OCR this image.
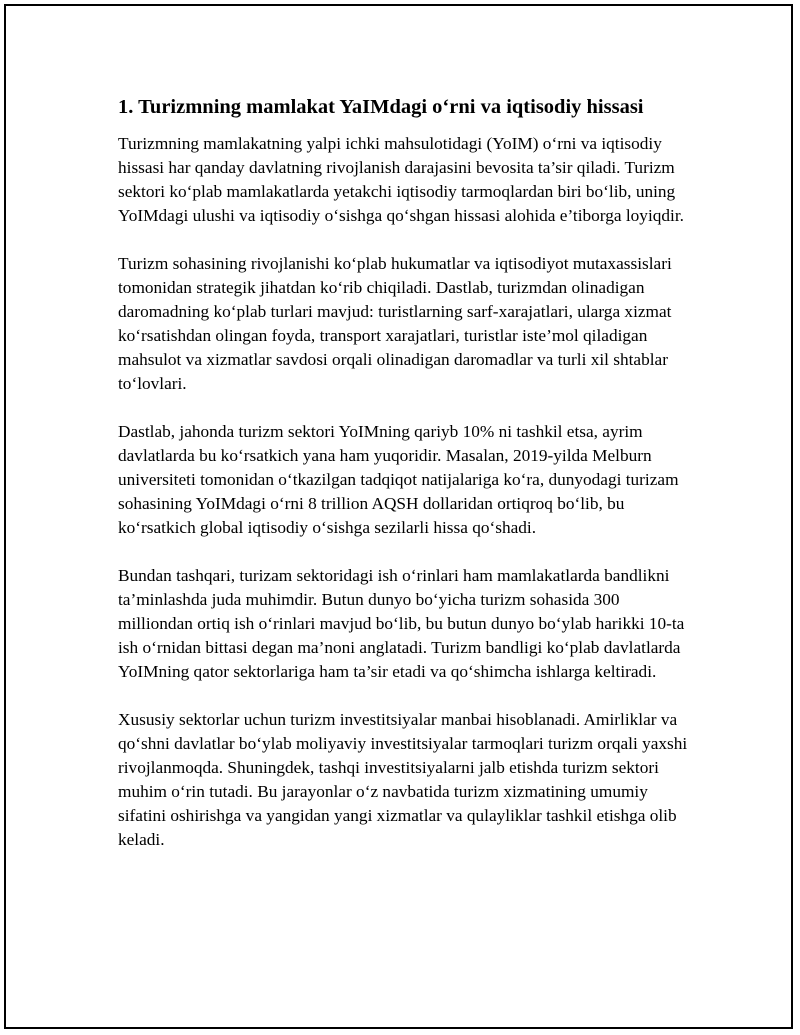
1. Turizmning mamlakat YaIMdagi o‘rni va iqtisodiy hissasi

Turizmning mamlakatning yalpi ichki mahsulotidagi (YoIM) o‘rni va iqtisodiy hissasi har qanday davlatning rivojlanish darajasini bevosita ta’sir qiladi. Turizm sektori ko‘plab mamlakatlarda yetakchi iqtisodiy tarmoqlardan biri bo‘lib, uning YoIMdagi ulushi va iqtisodiy o‘sishga qo‘shgan hissasi alohida e’tiborga loyiqdir.

Turizm sohasining rivojlanishi ko‘plab hukumatlar va iqtisodiyot mutaxassislari tomonidan strategik jihatdan ko‘rib chiqiladi. Dastlab, turizmdan olinadigan daromadning ko‘plab turlari mavjud: turistlarning sarf-xarajatlari, ularga xizmat ko‘rsatishdan olingan foyda, transport xarajatlari, turistlar iste’mol qiladigan mahsulot va xizmatlar savdosi orqali olinadigan daromadlar va turli xil shtablar to‘lovlari.

Dastlab, jahonda turizm sektori YoIMning qariyb 10% ni tashkil etsa, ayrim davlatlarda bu ko‘rsatkich yana ham yuqoridir. Masalan, 2019-yilda Melburn universiteti tomonidan o‘tkazilgan tadqiqot natijalariga ko‘ra, dunyodagi turizam sohasining YoIMdagi o‘rni 8 trillion AQSH dollaridan ortiqroq bo‘lib, bu ko‘rsatkich global iqtisodiy o‘sishga sezilarli hissa qo‘shadi.

Bundan tashqari, turizam sektoridagi ish o‘rinlari ham mamlakatlarda bandlikni ta’minlashda juda muhimdir. Butun dunyo bo‘yicha turizm sohasida 300 milliondan ortiq ish o‘rinlari mavjud bo‘lib, bu butun dunyo bo‘ylab harikki 10-ta ish o‘rnidan bittasi degan ma’noni anglatadi. Turizm bandligi ko‘plab davlatlarda YoIMning qator sektorlariga ham ta’sir etadi va qo‘shimcha ishlarga keltiradi.

Xususiy sektorlar uchun turizm investitsiyalar manbai hisoblanadi. Amirliklar va qo‘shni davlatlar bo‘ylab moliyaviy investitsiyalar tarmoqlari turizm orqali yaxshi rivojlanmoqda. Shuningdek, tashqi investitsiyalarni jalb etishda turizm sektori muhim o‘rin tutadi. Bu jarayonlar o‘z navbatida turizm xizmatining umumiy sifatini oshirishga va yangidan yangi xizmatlar va qulayliklar tashkil etishga olib keladi.
